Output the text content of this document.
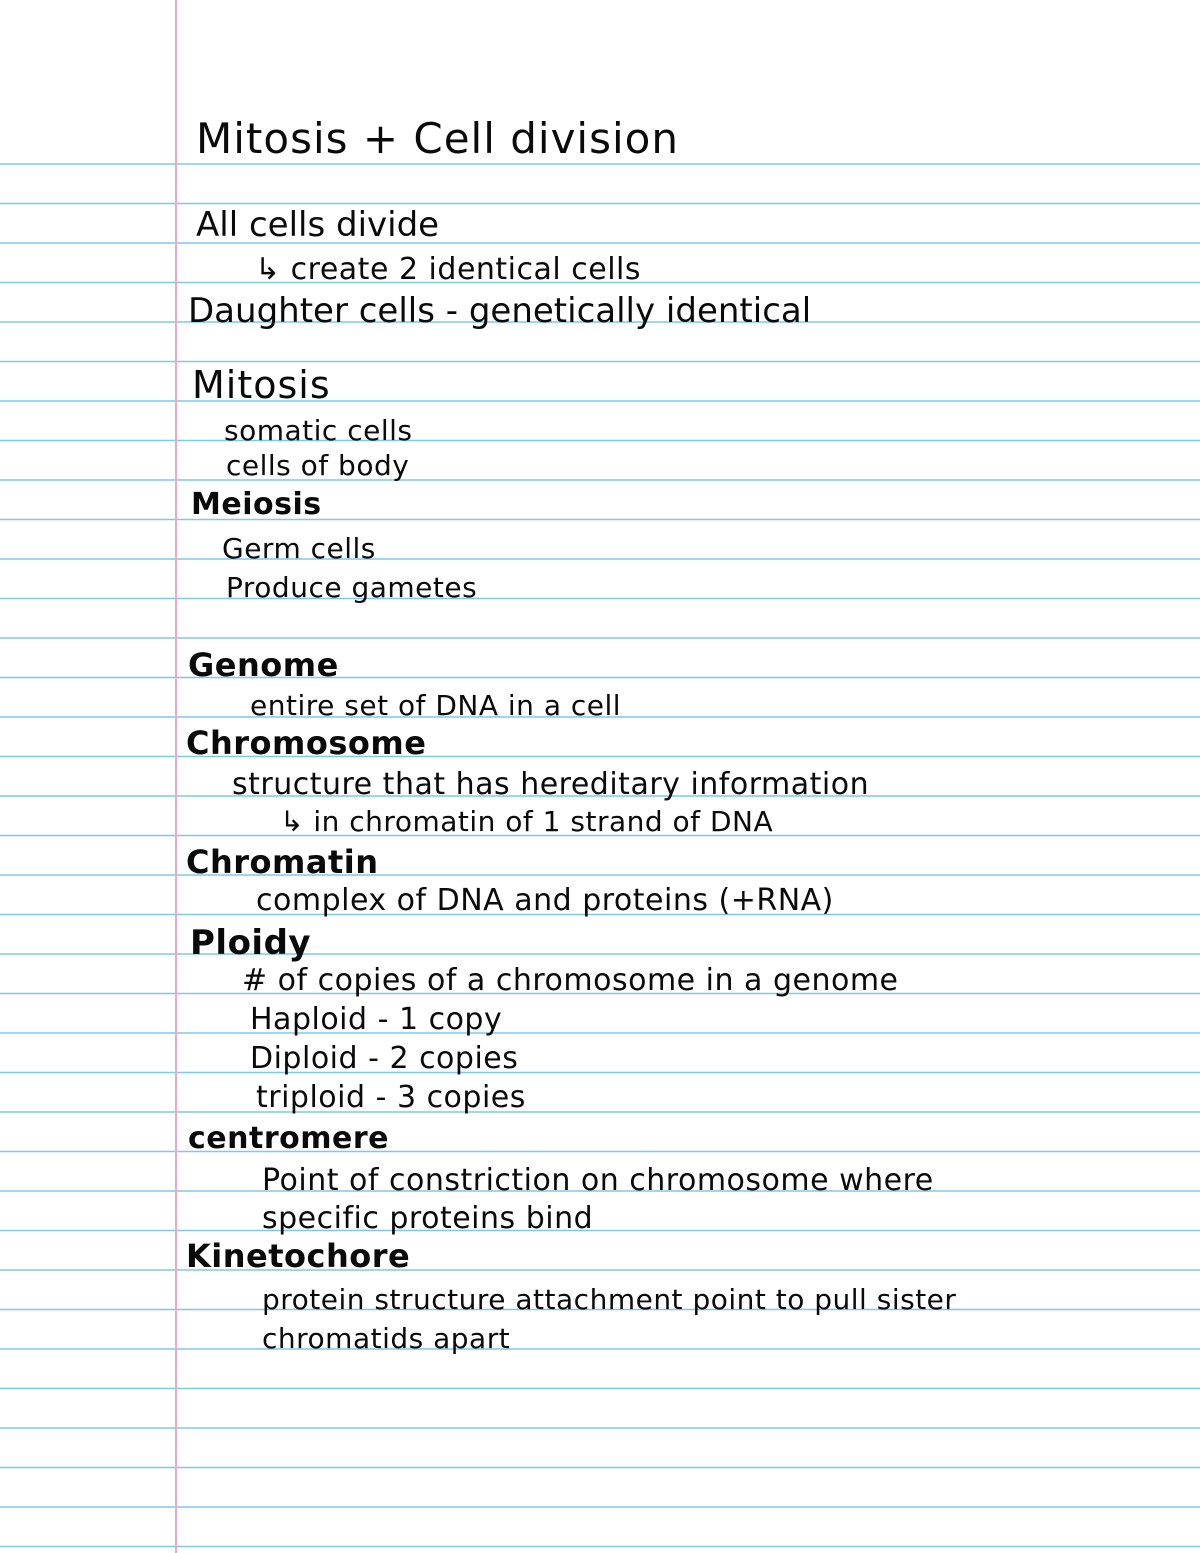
Mitosis + Cell division

All cells divide

↳ create 2 identical cells

Daughter cells - genetically identical

Mitosis

somatic cells

cells of body

Meiosis

Germ cells

Produce gametes

Genome

entire set of DNA in a cell

Chromosome

structure that has hereditary information

↳ in chromatin of 1 strand of DNA

Chromatin

complex of DNA and proteins (+RNA)

Ploidy

# of copies of a chromosome in a genome

Haploid - 1 copy

Diploid - 2 copies

triploid - 3 copies

centromere

Point of constriction on chromosome where

specific proteins bind

Kinetochore

protein structure attachment point to pull sister

chromatids apart
